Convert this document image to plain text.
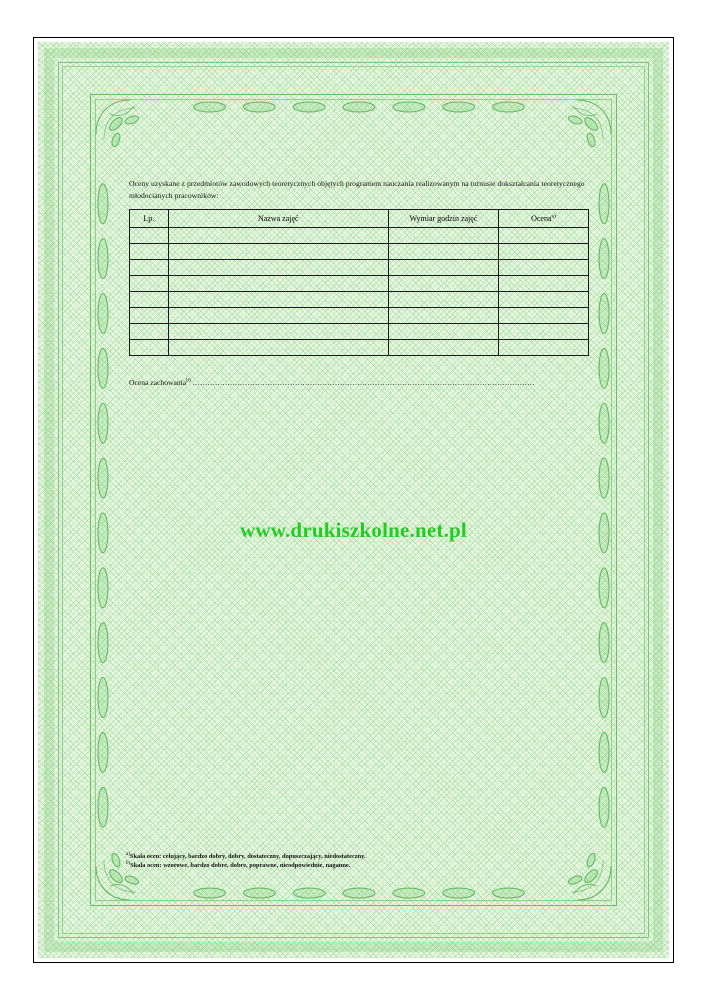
Oceny uzyskane z przedmiotów zawodowych teoretycznych objętych programem nauczania realizowanym na turnusie dokształcania teoretycznego młodocianych pracowników:

Lp.	Nazwa zajęć	Wymiar godzin zajęć	Ocena$^{a)}$

Ocena zachowania$^{b)}$ .........................................................................................................................................
www.drukiszkolne.net.pl
$^{a)}$Skala ocen: celujący, bardzo dobry, dobry, dostateczny, dopuszczający, niedostateczny.
$^{b)}$Skala ocen: wzorowe, bardzo dobre, dobre, poprawne, nieodpowiednie, naganne.
